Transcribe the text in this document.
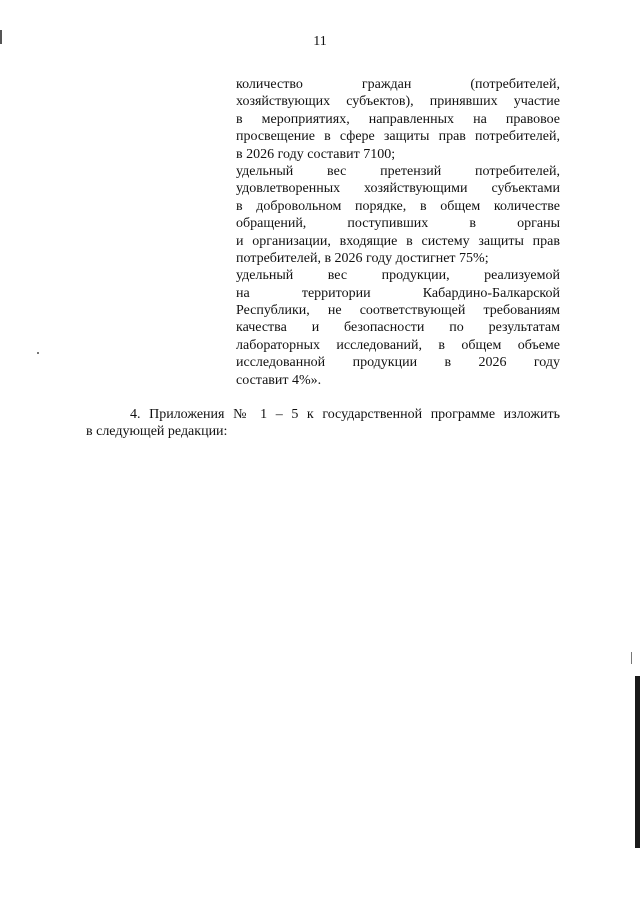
11
количество граждан (потребителей,
хозяйствующих субъектов), принявших участие
в мероприятиях, направленных на правовое
просвещение в сфере защиты прав потребителей,
в 2026 году составит 7100;
удельный вес претензий потребителей,
удовлетворенных хозяйствующими субъектами
в добровольном порядке, в общем количестве
обращений, поступивших в органы
и организации, входящие в систему защиты прав
потребителей, в 2026 году достигнет 75%;
удельный вес продукции, реализуемой
на территории Кабардино-Балкарской
Республики, не соответствующей требованиям
качества и безопасности по результатам
лабораторных исследований, в общем объеме
исследованной продукции в 2026 году
составит 4%».
4. Приложения № 1 – 5 к государственной программе изложить
в следующей редакции:
